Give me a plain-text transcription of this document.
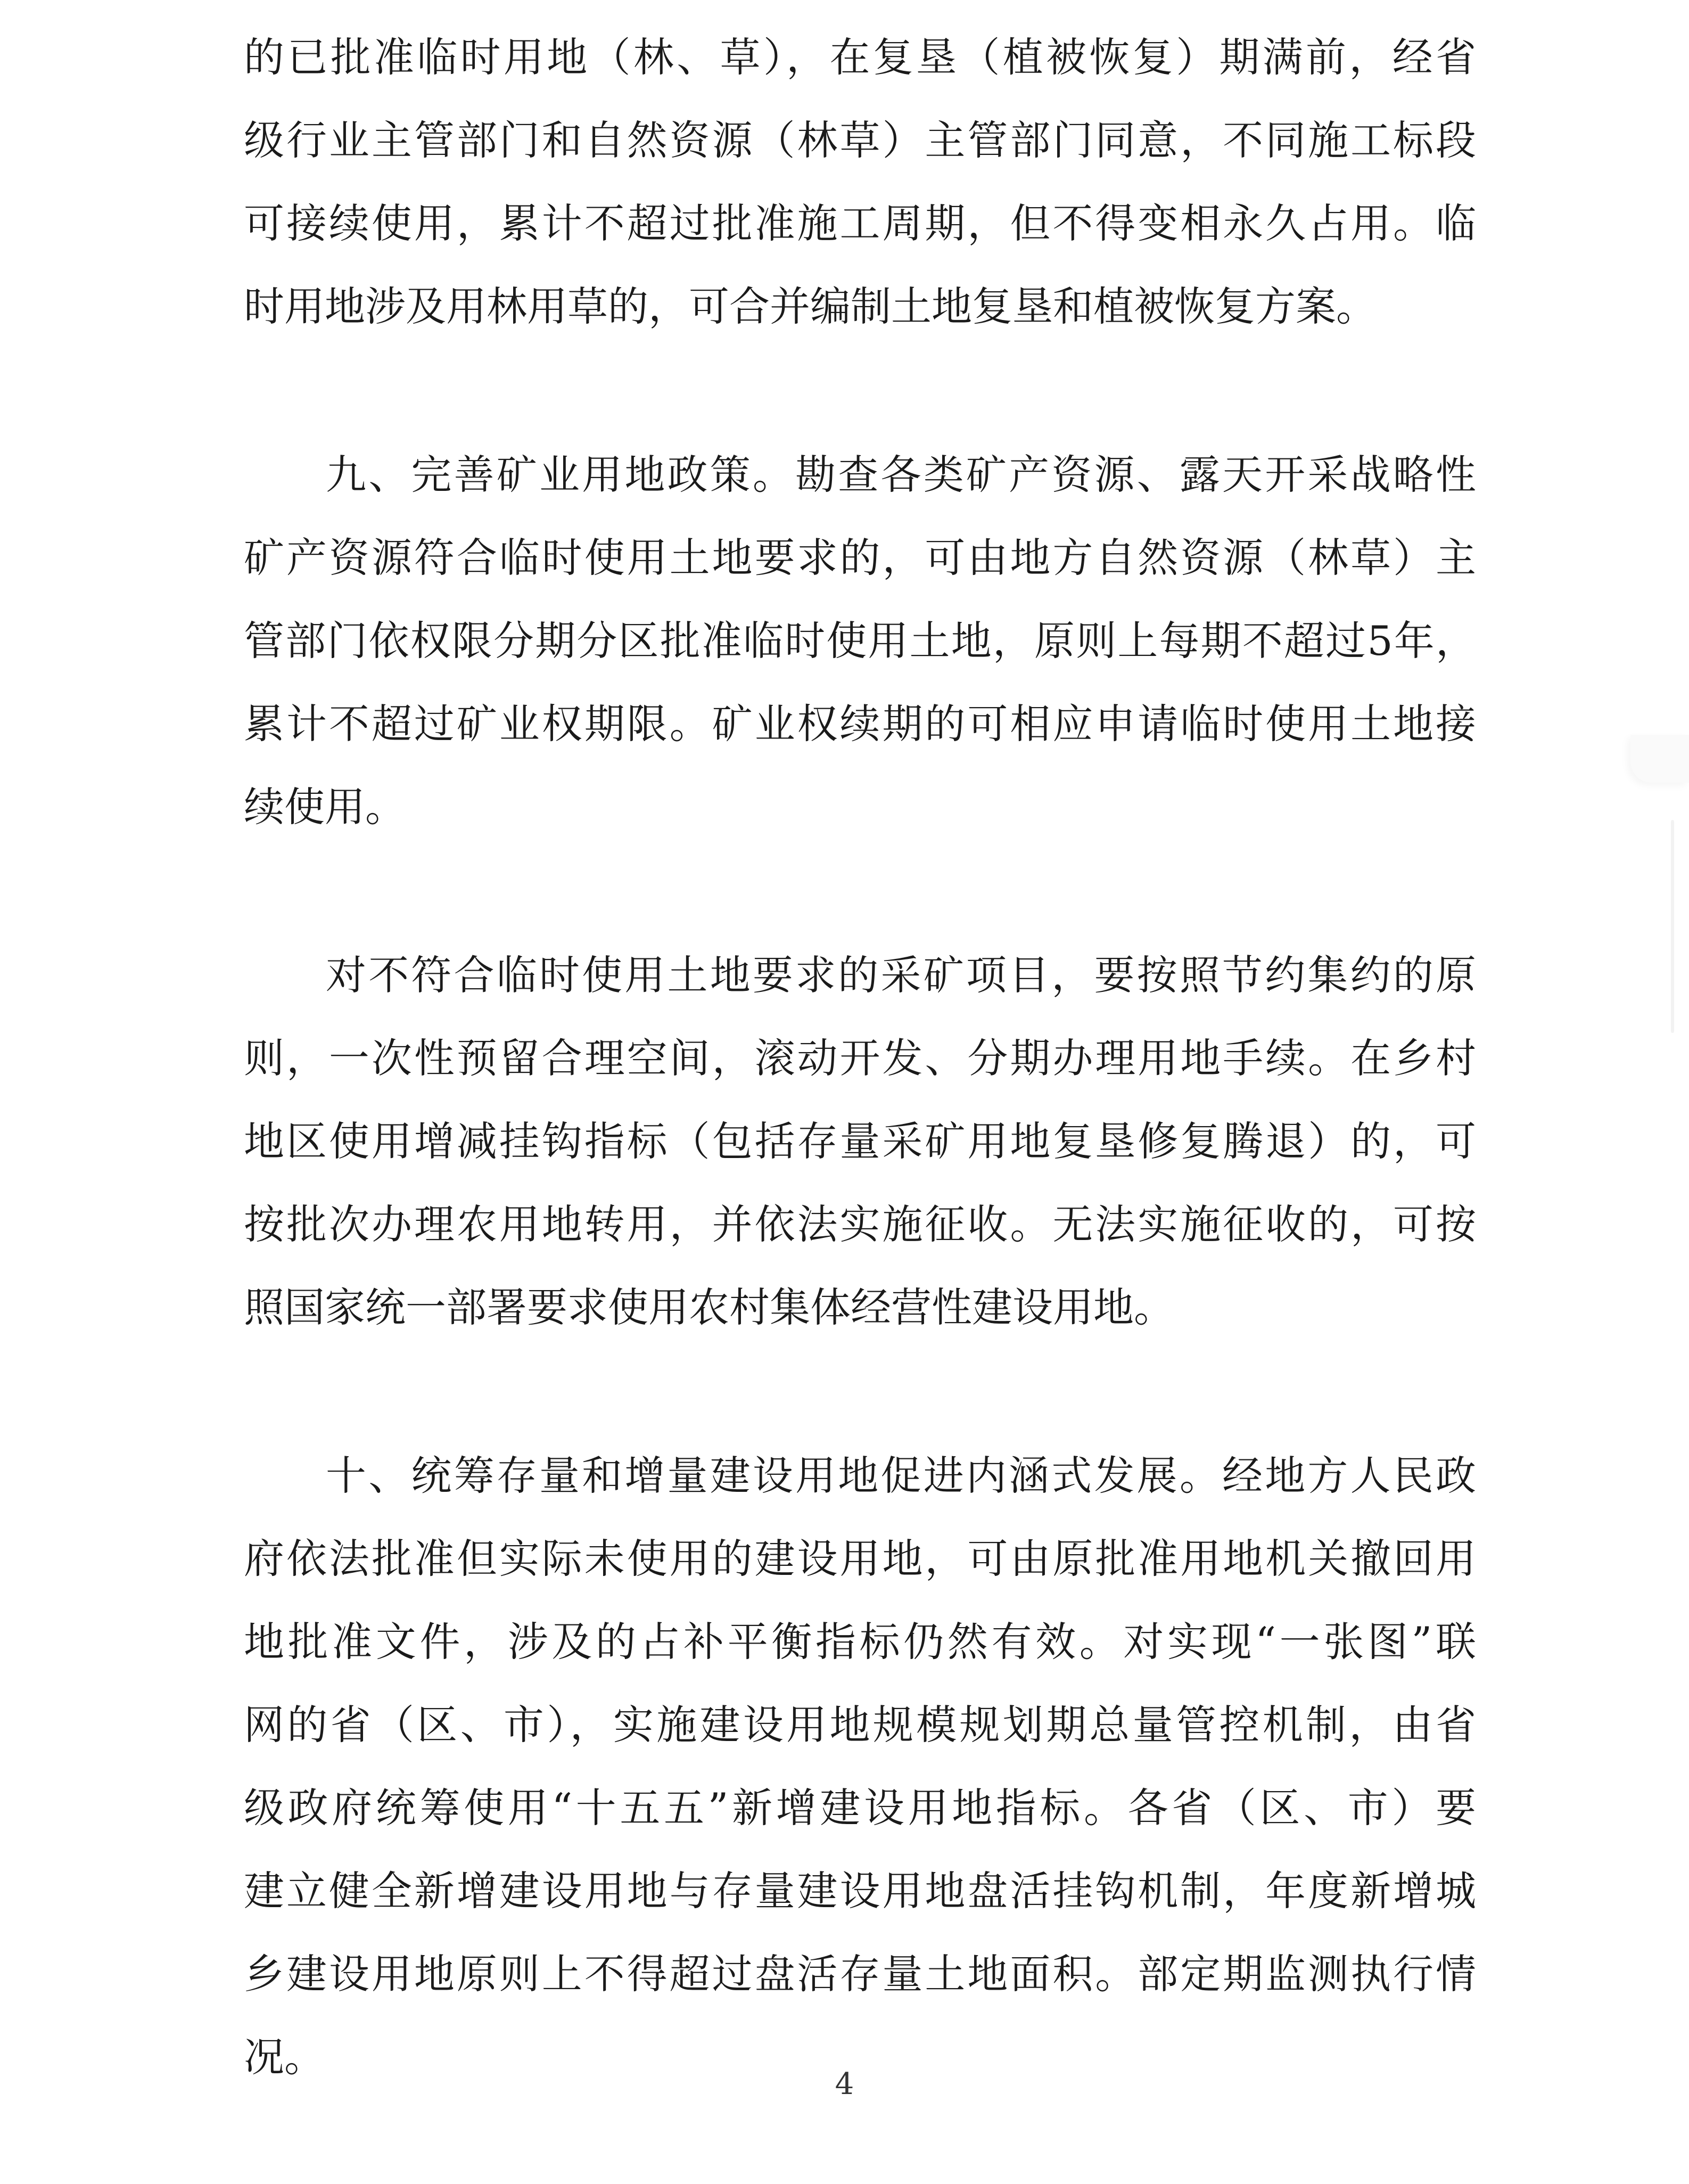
的已批准临时用地（林、草），在复垦（植被恢复）期满前，经省
级行业主管部门和自然资源（林草）主管部门同意，不同施工标段
可接续使用，累计不超过批准施工周期，但不得变相永久占用。临
时用地涉及用林用草的，可合并编制土地复垦和植被恢复方案。
九、完善矿业用地政策。勘查各类矿产资源、露天开采战略性
矿产资源符合临时使用土地要求的，可由地方自然资源（林草）主
管部门依权限分期分区批准临时使用土地，原则上每期不超过5年，
累计不超过矿业权期限。矿业权续期的可相应申请临时使用土地接
续使用。
对不符合临时使用土地要求的采矿项目，要按照节约集约的原
则，一次性预留合理空间，滚动开发、分期办理用地手续。在乡村
地区使用增减挂钩指标（包括存量采矿用地复垦修复腾退）的，可
按批次办理农用地转用，并依法实施征收。无法实施征收的，可按
照国家统一部署要求使用农村集体经营性建设用地。
十、统筹存量和增量建设用地促进内涵式发展。经地方人民政
府依法批准但实际未使用的建设用地，可由原批准用地机关撤回用
地批准文件，涉及的占补平衡指标仍然有效。对实现“一张图”联
网的省（区、市），实施建设用地规模规划期总量管控机制，由省
级政府统筹使用“十五五”新增建设用地指标。各省（区、市）要
建立健全新增建设用地与存量建设用地盘活挂钩机制，年度新增城
乡建设用地原则上不得超过盘活存量土地面积。部定期监测执行情
况。
4
